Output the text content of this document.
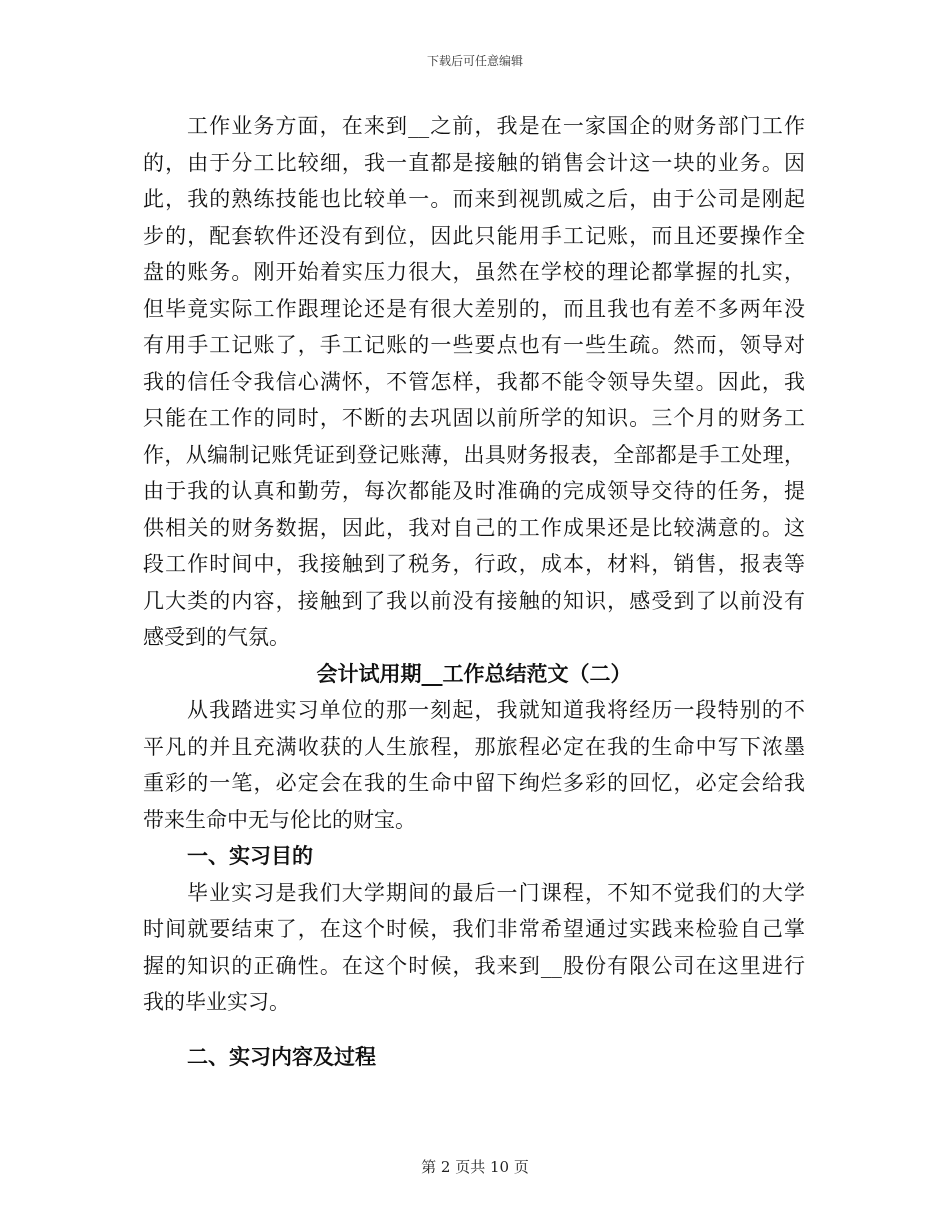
下载后可任意编辑
工作业务方面，在来到__之前，我是在一家国企的财务部门工作
的，由于分工比较细，我一直都是接触的销售会计这一块的业务。因
此，我的熟练技能也比较单一。而来到视凯威之后，由于公司是刚起
步的，配套软件还没有到位，因此只能用手工记账，而且还要操作全
盘的账务。刚开始着实压力很大，虽然在学校的理论都掌握的扎实，
但毕竟实际工作跟理论还是有很大差别的，而且我也有差不多两年没
有用手工记账了，手工记账的一些要点也有一些生疏。然而，领导对
我的信任令我信心满怀，不管怎样，我都不能令领导失望。因此，我
只能在工作的同时，不断的去巩固以前所学的知识。三个月的财务工
作，从编制记账凭证到登记账薄，出具财务报表，全部都是手工处理，
由于我的认真和勤劳，每次都能及时准确的完成领导交待的任务，提
供相关的财务数据，因此，我对自己的工作成果还是比较满意的。这
段工作时间中，我接触到了税务，行政，成本，材料，销售，报表等
几大类的内容，接触到了我以前没有接触的知识，感受到了以前没有
感受到的气氛。
会计试用期__工作总结范文（二）
从我踏进实习单位的那一刻起，我就知道我将经历一段特别的不
平凡的并且充满收获的人生旅程，那旅程必定在我的生命中写下浓墨
重彩的一笔，必定会在我的生命中留下绚烂多彩的回忆，必定会给我
带来生命中无与伦比的财宝。
一、实习目的
毕业实习是我们大学期间的最后一门课程，不知不觉我们的大学
时间就要结束了，在这个时候，我们非常希望通过实践来检验自己掌
握的知识的正确性。在这个时候，我来到__股份有限公司在这里进行
我的毕业实习。
二、实习内容及过程
第 2 页共 10 页
